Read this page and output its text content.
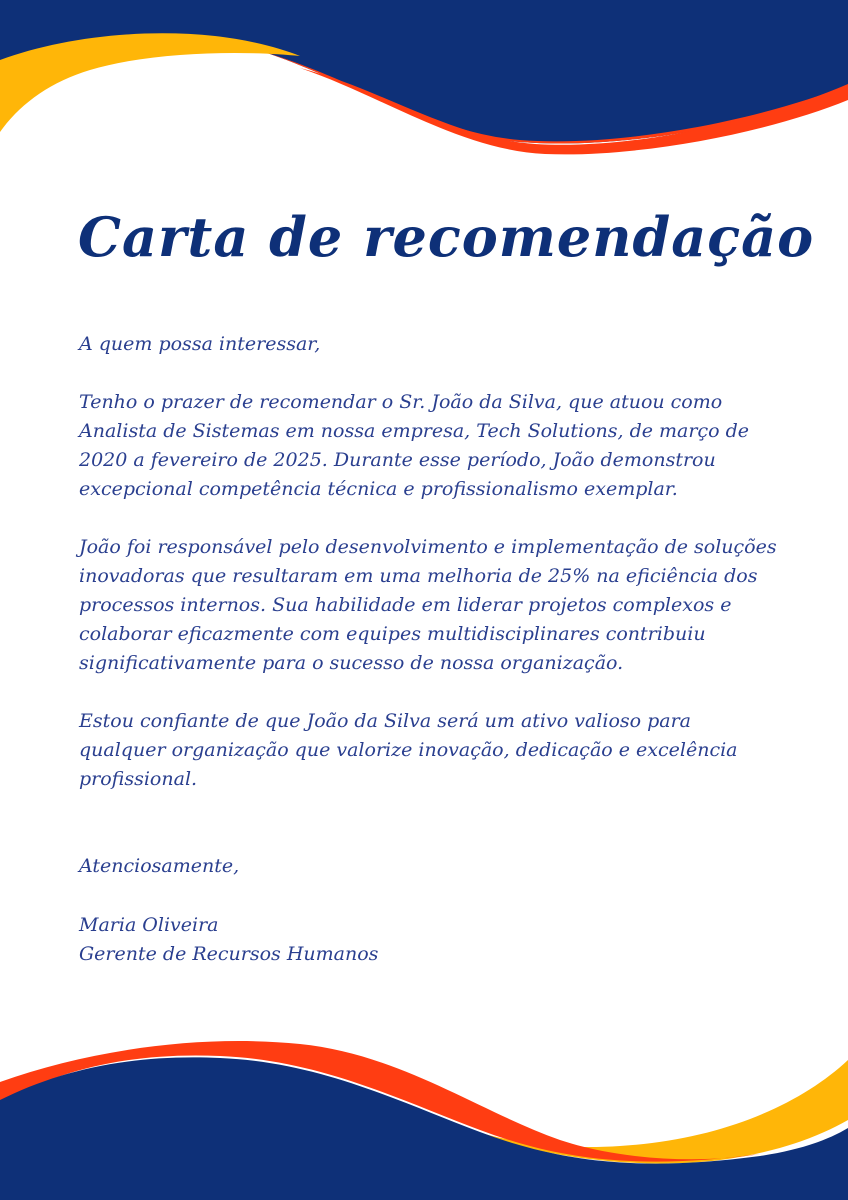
Carta de recomendação

A quem possa interessar,

Tenho o prazer de recomendar o Sr. João da Silva, que atuou como Analista de Sistemas em nossa empresa, Tech Solutions, de março de 2020 a fevereiro de 2025. Durante esse período, João demonstrou excepcional competência técnica e profissionalismo exemplar.

João foi responsável pelo desenvolvimento e implementação de soluções inovadoras que resultaram em uma melhoria de 25% na eficiência dos processos internos. Sua habilidade em liderar projetos complexos e colaborar eficazmente com equipes multidisciplinares contribuiu significativamente para o sucesso de nossa organização.

Estou confiante de que João da Silva será um ativo valioso para qualquer organização que valorize inovação, dedicação e excelência profissional.

Atenciosamente,

Maria Oliveira
Gerente de Recursos Humanos
